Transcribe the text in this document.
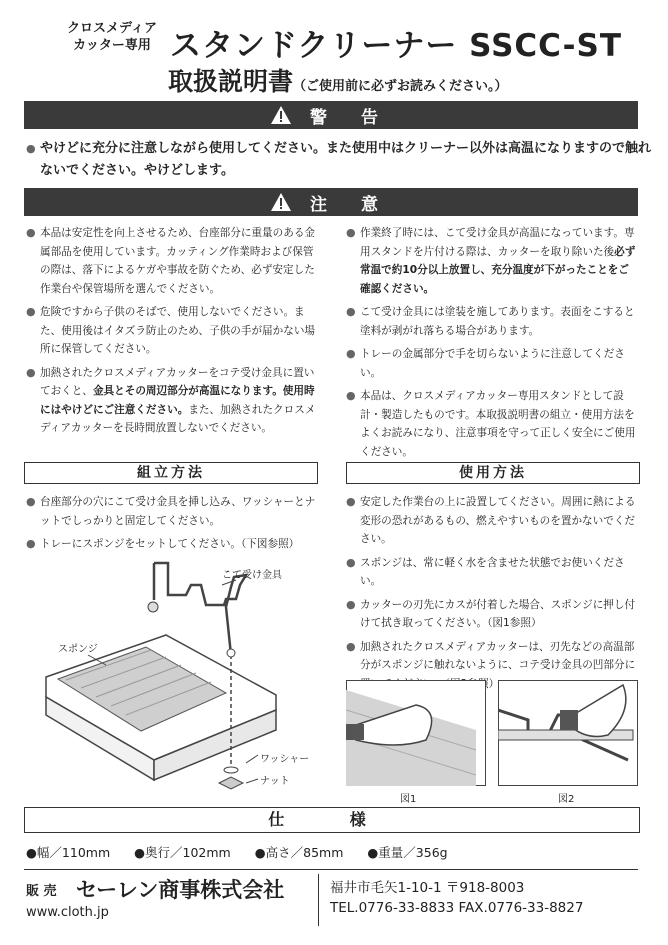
クロスメディア
カッター専用 スタンドクリーナー SSCC-ST
取扱説明書（ご使用前に必ずお読みください。）
警 告
● やけどに充分に注意しながら使用してください。また使用中はクリーナー以外は高温になりますので触れないでください。やけどします。
注 意

● 本品は安定性を向上させるため、台座部分に重量のある金属部品を使用しています。カッティング作業時および保管の際は、落下によるケガや事故を防ぐため、必ず安定した作業台や保管場所を選んでください。

● 危険ですから子供のそばで、使用しないでください。また、使用後はイタズラ防止のため、子供の手が届かない場所に保管してください。

● 加熱されたクロスメディアカッターをコテ受け金具に置いておくと、金具とその周辺部分が高温になります。使用時にはやけどにご注意ください。また、加熱されたクロスメディアカッターを長時間放置しないでください。

● 作業終了時には、こて受け金具が高温になっています。専用スタンドを片付ける際は、カッターを取り除いた後必ず常温で約10分以上放置し、充分温度が下がったことをご確認ください。

● こて受け金具には塗装を施してあります。表面をこすると塗料が剥がれ落ちる場合があります。

● トレーの金属部分で手を切らないように注意してください。

● 本品は、クロスメディアカッター専用スタンドとして設計・製造したものです。本取扱説明書の組立・使用方法をよくお読みになり、注意事項を守って正しく安全にご使用ください。

組立方法

● 台座部分の穴にこて受け金具を挿し込み、ワッシャーとナットでしっかりと固定してください。

● トレーにスポンジをセットしてください。（下図参照）

こて受け金具
スポンジ
ワッシャー
ナット
使用方法

● 安定した作業台の上に設置してください。周囲に熱による変形の恐れがあるもの、燃えやすいものを置かないでください。

● スポンジは、常に軽く水を含ませた状態でお使いください。

● カッターの刃先にカスが付着した場合、スポンジに押し付けて拭き取ってください。（図1参照）

● 加熱されたクロスメディアカッターは、刃先などの高温部分がスポンジに触れないように、コテ受け金具の凹部分に 照）

図1	図2
仕 様
●幅／110mm ●奥行／102mm ●高さ／85mm ●重量／356g
販 売 セーレン商事株式会社
www.cloth.jp
福井市毛矢1-10-1 〒918-8003
TEL.0776-33-8833 FAX.0776-33-8827
